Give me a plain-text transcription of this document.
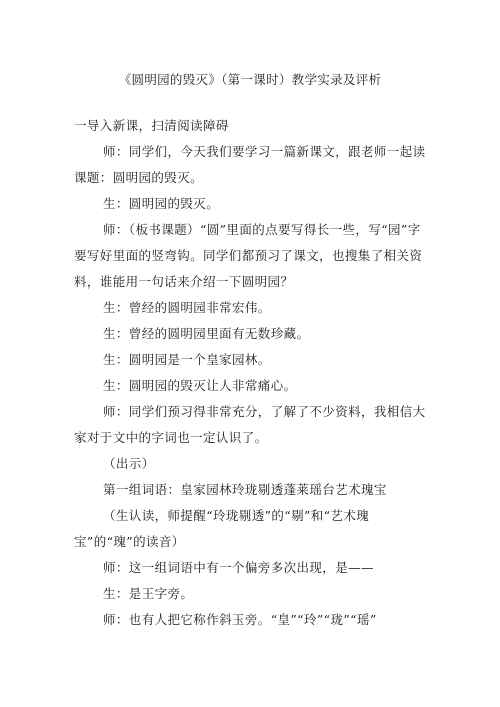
《圆明园的毁灭》（第一课时）教学实录及评析

一导入新课，扫清阅读障碍

师：同学们，今天我们要学习一篇新课文，跟老师一起读课题：圆明园的毁灭。

生：圆明园的毁灭。

师：（板书课题）“圆”里面的点要写得长一些，写“园”字要写好里面的竖弯钩。同学们都预习了课文，也搜集了相关资料，谁能用一句话来介绍一下圆明园？

生：曾经的圆明园非常宏伟。

生：曾经的圆明园里面有无数珍藏。

生：圆明园是一个皇家园林。

生：圆明园的毁灭让人非常痛心。

师：同学们预习得非常充分，了解了不少资料，我相信大家对于文中的字词也一定认识了。

（出示）

第一组词语：皇家园林玲珑剔透蓬莱瑶台艺术瑰宝

（生认读，师提醒“玲珑剔透”的“剔”和“艺术瑰宝”的“瑰”的读音）

师：这一组词语中有一个偏旁多次出现，是——

生：是王字旁。

师：也有人把它称作斜玉旁。“皇”“玲”“珑”“瑶”
